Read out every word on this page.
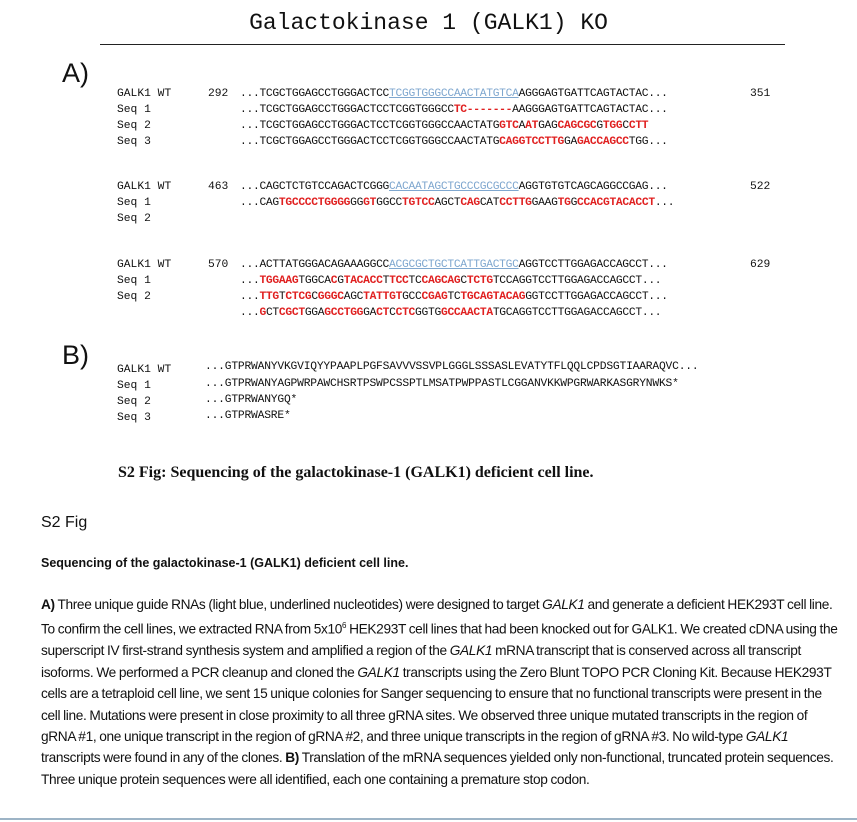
Galactokinase 1 (GALK1) KO
A)
GALK1 WT	292 ...TCGCTGGAGCCTGGGACTCCTCGGTGGGCCAACTATGTCAAGGGAGTGATTCAGTACTAC...	351
Seq 1	...TCGCTGGAGCCTGGGACTCCTCGGTGGGCCTC-------AAGGGAGTGATTCAGTACTAC...
Seq 2	...TCGCTGGAGCCTGGGACTCCTCGGTGGGCCAACTATGGTCAATGAGCAGCGCGTGGCCTT
Seq 3	...TCGCTGGAGCCTGGGACTCCTCGGTGGGCCAACTATGCAGGTCCTTGGAGACCAGCCTGG...
GALK1 WT	463 ...CAGCTCTGTCCAGACTCGGGCACAATAGCTGCCCGCGCCCAGGTGTGTCAGCAGGCCGAG...	522
Seq 1	...CAGTGCCCCTGGGGGGGTGGCCTGTCCAGCTCAGCATCCTTGGAAGTGGCCACGTACACCT...
Seq 2
GALK1 WT	570 ...ACTTATGGGACAGAAAGGCCACGCGCTGCTCATTGACTGCAGGTCCTTGGAGACCAGCCT...	629
Seq 1	...TGGAAGTGGCACGTACACCTTCCTCCAGCAGCTCTGTCCAGGTCCTTGGAGACCAGCCT...
Seq 2	...TTGTCTCGCGGGCAGCTATTGTGCCCGAGTCTGCAGTACAGGGTCCTTGGAGACCAGCCT...
...GCTCGCTGGAGCCTGGGACTCCTCGGTGGCCAACTATGCAGGTCCTTGGAGACCAGCCT...
B) GALK1 WT	...GTPRWANYVKGVIQYYPAAPLPGFSAVVVSSVPLGGGLSSSASLEVATYTFLQQLCPDSGTIAARAQVC...
Seq 1	...GTPRWANYAGPWRPAWCHSRTPSWPCSSPTLMSATPWPPASTLCGGANVKKWPGRWARKASGRYNWKS*
Seq 2	...GTPRWANYGQ*
Seq 3	...GTPRWASRE*
S2 Fig: Sequencing of the galactokinase-1 (GALK1) deficient cell line.
S2 Fig
Sequencing of the galactokinase-1 (GALK1) deficient cell line.
A) Three unique guide RNAs (light blue, underlined nucleotides) were designed to target GALK1 and generate a deficient HEK293T cell line. To confirm the cell lines, we extracted RNA from $5x10^6$ HEK293T cell lines that had been knocked out for GALK1. We created cDNA using the superscript IV first-strand synthesis system and amplified a region of the GALK1 mRNA transcript that is conserved across all transcript isoforms. We performed a PCR cleanup and cloned the GALK1 transcripts using the Zero Blunt TOPO PCR Cloning Kit. Because HEK293T cells are a tetraploid cell line, we sent 15 unique colonies for Sanger sequencing to ensure that no functional transcripts were present in the cell line. Mutations were present in close proximity to all three gRNA sites. We observed three unique mutated transcripts in the region of gRNA #1, one unique transcript in the region of gRNA #2, and three unique transcripts in the region of gRNA #3. No wild-type GALK1 transcripts were found in any of the clones. B) Translation of the mRNA sequences yielded only non-functional, truncated protein sequences. Three unique protein sequences were all identified, each one containing a premature stop codon.
